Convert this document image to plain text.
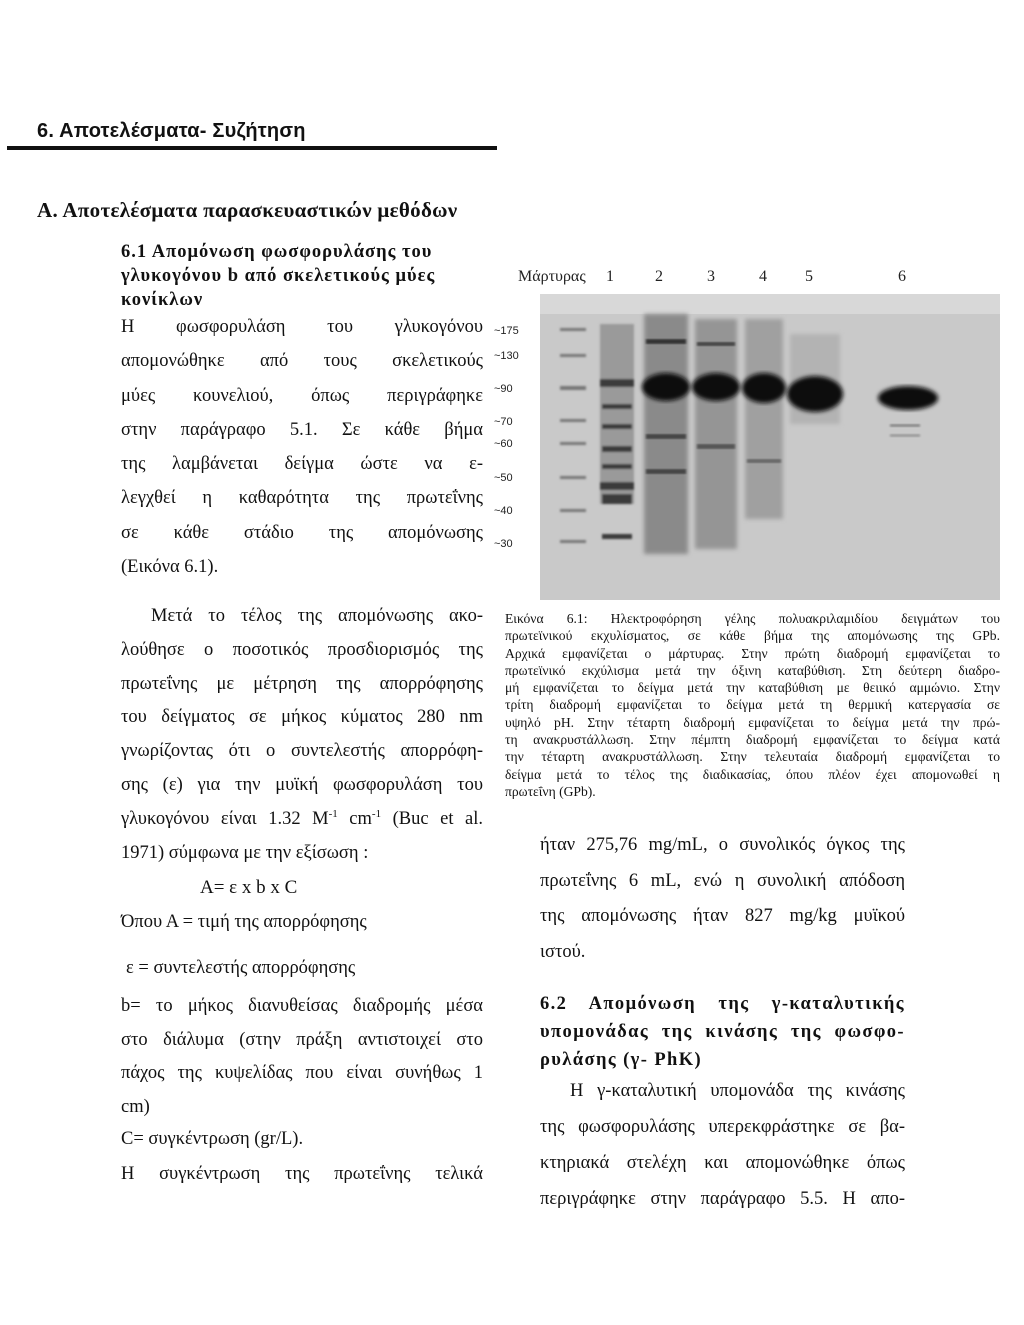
6. Αποτελέσματα- Συζήτηση
Α. Αποτελέσματα παρασκευαστικών μεθόδων
6.1 Απομόνωση φωσφορυλάσης του
γλυκογόνου b από σκελετικούς μύες
κονίκλων
Η φωσφορυλάση του γλυκογόνου
απομονώθηκε από τους σκελετικούς
μύες κουνελιού, όπως περιγράφηκε
στην παράγραφο 5.1. Σε κάθε βήμα
της λαμβάνεται δείγμα ώστε να ε-
λεγχθεί η καθαρότητα της πρωτεΐνης
σε κάθε στάδιο της απομόνωσης
(Εικόνα 6.1).
Μετά το τέλος της απομόνωσης ακο-
λούθησε ο ποσοτικός προσδιορισμός της
πρωτεΐνης με μέτρηση της απορρόφησης
του δείγματος σε μήκος κύματος 280 nm
γνωρίζοντας ότι ο συντελεστής απορρόφη-
σης (ε) για την μυϊκή φωσφορυλάση του
γλυκογόνου είναι 1.32 $M^{-1}$ $cm^{-1}$ (Buc et al.
1971) σύμφωνα με την εξίσωση :
Α= ε x b x C
Όπου Α = τιμή της απορρόφησης
ε = συντελεστής απορρόφησης
b= το μήκος διανυθείσας διαδρομής μέσα
στο διάλυμα (στην πράξη αντιστοιχεί στο
πάχος της κυψελίδας που είναι συνήθως 1
cm)
C= συγκέντρωση (gr/L).
Η συγκέντρωση της πρωτεΐνης τελικά
Μάρτυρας 1	2	3	4 5	6
~175
~130
~90
~70
~60
~50
~40
~30
Εικόνα 6.1: Ηλεκτροφόρηση γέλης πολυακριλαμιδίου δειγμάτων του
πρωτεϊνικού εκχυλίσματος, σε κάθε βήμα της απομόνωσης της GPb.
Αρχικά εμφανίζεται ο μάρτυρας. Στην πρώτη διαδρομή εμφανίζεται το
πρωτεϊνικό εκχύλισμα μετά την όξινη καταβύθιση. Στη δεύτερη διαδρο-
μή εμφανίζεται το δείγμα μετά την καταβύθιση με θειικό αμμώνιο. Στην
τρίτη διαδρομή εμφανίζεται το δείγμα μετά τη θερμική κατεργασία σε
υψηλό pH. Στην τέταρτη διαδρομή εμφανίζεται το δείγμα μετά την πρώ-
τη ανακρυστάλλωση. Στην πέμπτη διαδρομή εμφανίζεται το δείγμα κατά
την τέταρτη ανακρυστάλλωση. Στην τελευταία διαδρομή εμφανίζεται το
δείγμα μετά το τέλος της διαδικασίας, όπου πλέον έχει απομονωθεί η
πρωτεΐνη (GPb).
ήταν 275,76 mg/mL, ο συνολικός όγκος της
πρωτεΐνης 6 mL, ενώ η συνολική απόδοση
της απομόνωσης ήταν 827 mg/kg μυϊκού
ιστού.
6.2 Απομόνωση της γ-καταλυτικής
υπομονάδας της κινάσης της φωσφο-
ρυλάσης (γ- PhK)
Η γ-καταλυτική υπομονάδα της κινάσης
της φωσφορυλάσης υπερεκφράστηκε σε βα-
κτηριακά στελέχη και απομονώθηκε όπως
περιγράφηκε στην παράγραφο 5.5. Η απο-
